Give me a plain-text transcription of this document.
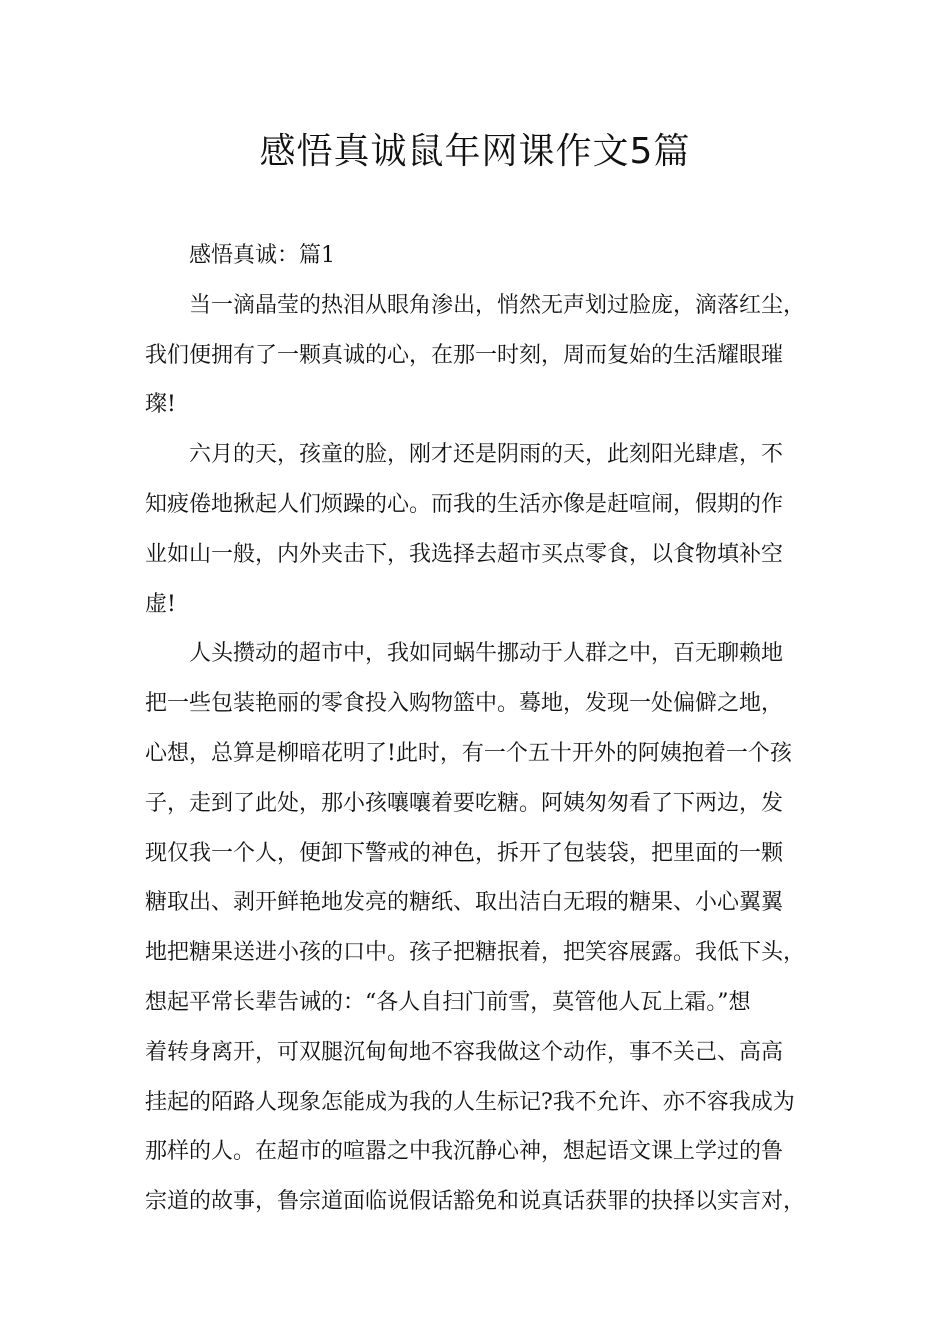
感悟真诚鼠年网课作文5篇
感悟真诚：篇1
当一滴晶莹的热泪从眼角渗出，悄然无声划过脸庞，滴落红尘，
我们便拥有了一颗真诚的心，在那一时刻，周而复始的生活耀眼璀
璨!
六月的天，孩童的脸，刚才还是阴雨的天，此刻阳光肆虐，不
知疲倦地揪起人们烦躁的心。而我的生活亦像是赶喧闹，假期的作
业如山一般，内外夹击下，我选择去超市买点零食，以食物填补空
虚!
人头攒动的超市中，我如同蜗牛挪动于人群之中，百无聊赖地
把一些包装艳丽的零食投入购物篮中。蓦地，发现一处偏僻之地，
心想，总算是柳暗花明了!此时，有一个五十开外的阿姨抱着一个孩
子，走到了此处，那小孩嚷嚷着要吃糖。阿姨匆匆看了下两边，发
现仅我一个人，便卸下警戒的神色，拆开了包装袋，把里面的一颗
糖取出、剥开鲜艳地发亮的糖纸、取出洁白无瑕的糖果、小心翼翼
地把糖果送进小孩的口中。孩子把糖抿着，把笑容展露。我低下头，
想起平常长辈告诫的：“各人自扫门前雪，莫管他人瓦上霜。”想
着转身离开，可双腿沉甸甸地不容我做这个动作，事不关己、高高
挂起的陌路人现象怎能成为我的人生标记?我不允许、亦不容我成为
那样的人。在超市的喧嚣之中我沉静心神，想起语文课上学过的鲁
宗道的故事，鲁宗道面临说假话豁免和说真话获罪的抉择以实言对，
